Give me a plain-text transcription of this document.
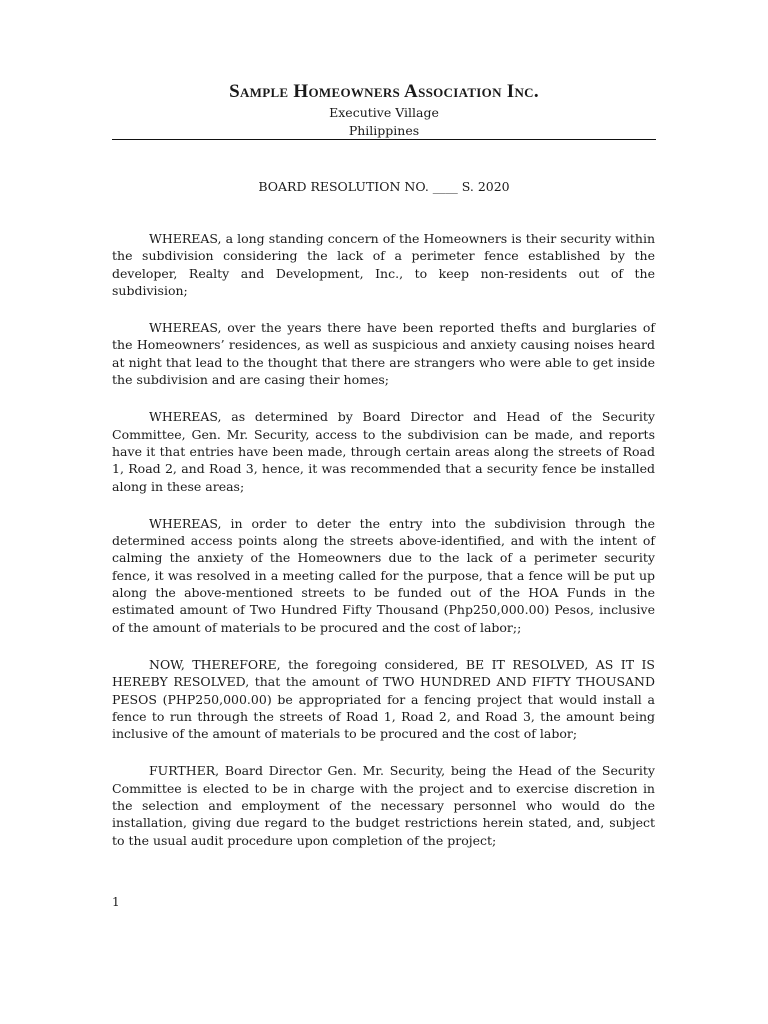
Sample Homeowners Association Inc.

Executive Village

Philippines

BOARD RESOLUTION NO. ____ S. 2020

WHEREAS, a long standing concern of the Homeowners is their security within the subdivision considering the lack of a perimeter fence established by the developer, Realty and Development, Inc., to keep non-residents out of the subdivision;

WHEREAS, over the years there have been reported thefts and burglaries of the Homeowners’ residences, as well as suspicious and anxiety causing noises heard at night that lead to the thought that there are strangers who were able to get inside the subdivision and are casing their homes;

WHEREAS, as determined by Board Director and Head of the Security Committee, Gen. Mr. Security, access to the subdivision can be made, and reports have it that entries have been made, through certain areas along the streets of Road 1, Road 2, and Road 3, hence, it was recommended that a security fence be installed along in these areas;

WHEREAS, in order to deter the entry into the subdivision through the determined access points along the streets above-identified, and with the intent of calming the anxiety of the Homeowners due to the lack of a perimeter security fence, it was resolved in a meeting called for the purpose, that a fence will be put up along the above-mentioned streets to be funded out of the HOA Funds in the estimated amount of Two Hundred Fifty Thousand (Php250,000.00) Pesos, inclusive of the amount of materials to be procured and the cost of labor;;

NOW, THEREFORE, the foregoing considered, BE IT RESOLVED, AS IT IS HEREBY RESOLVED, that the amount of TWO HUNDRED AND FIFTY THOUSAND PESOS (PHP250,000.00) be appropriated for a fencing project that would install a fence to run through the streets of Road 1, Road 2, and Road 3, the amount being inclusive of the amount of materials to be procured and the cost of labor;

FURTHER, Board Director Gen. Mr. Security, being the Head of the Security Committee is elected to be in charge with the project and to exercise discretion in the selection and employment of the necessary personnel who would do the installation, giving due regard to the budget restrictions herein stated, and, subject to the usual audit procedure upon completion of the project;

1
